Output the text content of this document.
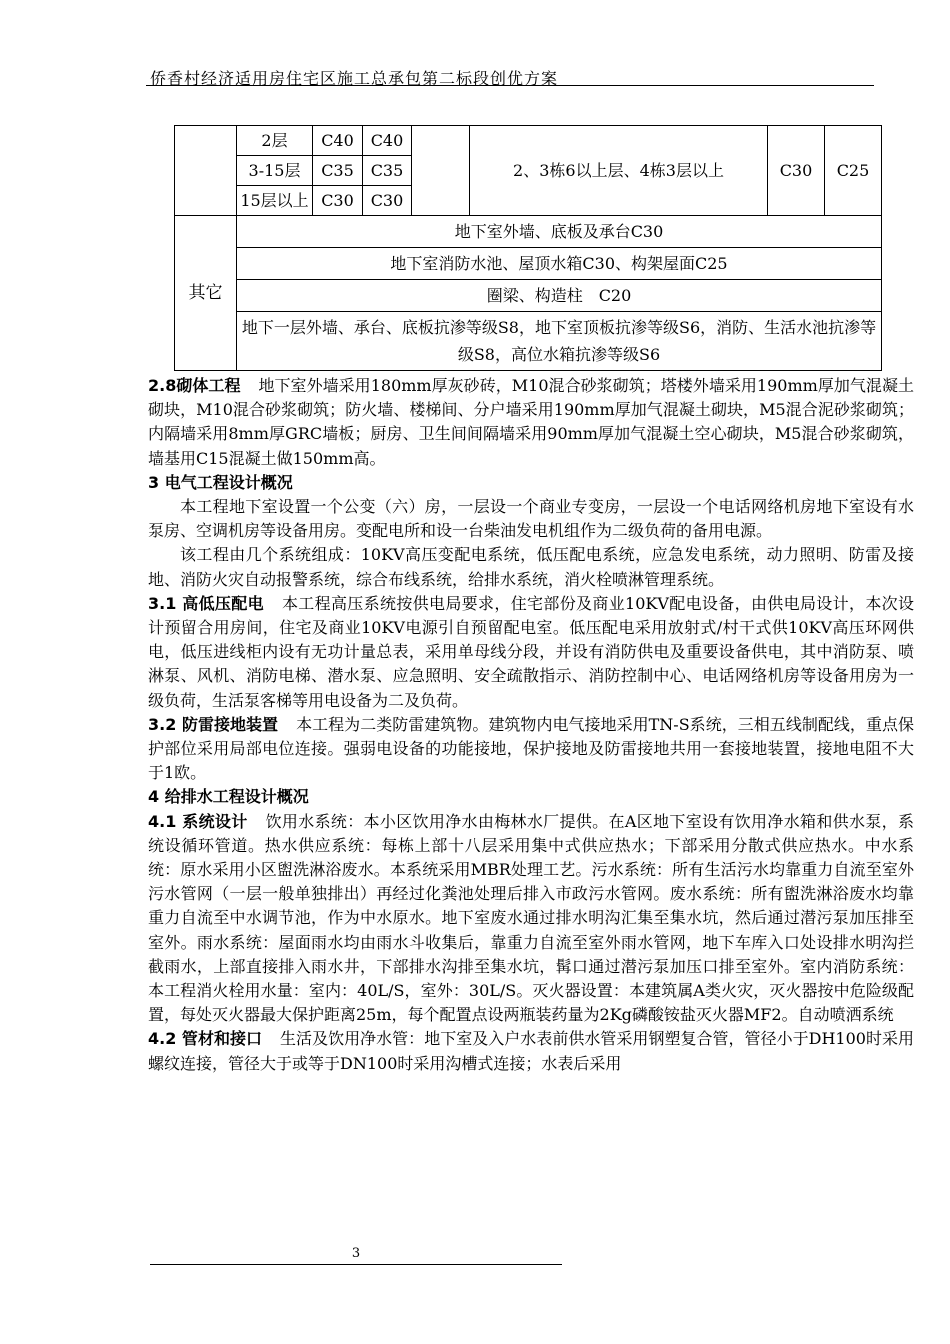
侨香村经济适用房住宅区施工总承包第二标段创优方案
	2层	C40	C40		2、3栋6以上层、4栋3层以上	C30	C25
	3-15层	C35	C35				
	15层以上	C30	C30				
其它	地下室外墙、底板及承台C30						
	地下室消防水池、屋顶水箱C30、构架屋面C25						
	圈梁、构造柱　C20						
	地下一层外墙、承台、底板抗渗等级S8，地下室顶板抗渗等级S6，消防、生活水池抗渗等级S8，高位水箱抗渗等级S6						

2.8砌体工程 地下室外墙采用180mm厚灰砂砖，M10混合砂浆砌筑；塔楼外墙采用190mm厚加气混凝土砌块，M10混合砂浆砌筑；防火墙、楼梯间、分户墙采用190mm厚加气混凝土砌块，M5混合泥砂浆砌筑；内隔墙采用8mm厚GRC墙板；厨房、卫生间间隔墙采用90mm厚加气混凝土空心砌块，M5混合砂浆砌筑，墙基用C15混凝土做150mm高。

3 电气工程设计概况

本工程地下室设置一个公变（六）房，一层设一个商业专变房，一层设一个电话网络机房地下室设有水泵房、空调机房等设备用房。变配电所和设一台柴油发电机组作为二级负荷的备用电源。

该工程由几个系统组成：10KV高压变配电系统，低压配电系统，应急发电系统，动力照明、防雷及接地、消防火灾自动报警系统，综合布线系统，给排水系统，消火栓喷淋管理系统。

3.1 高低压配电 本工程高压系统按供电局要求，住宅部份及商业10KV配电设备，由供电局设计，本次设计预留合用房间，住宅及商业10KV电源引自预留配电室。低压配电采用放射式/村干式供10KV高压环网供电，低压进线柜内设有无功计量总表，采用单母线分段，并设有消防供电及重要设备供电，其中消防泵、喷淋泵、风机、消防电梯、潜水泵、应急照明、安全疏散指示、消防控制中心、电话网络机房等设备用房为一级负荷，生活泵客梯等用电设备为二及负荷。

3.2 防雷接地装置 本工程为二类防雷建筑物。建筑物内电气接地采用TN-S系统，三相五线制配线，重点保护部位采用局部电位连接。强弱电设备的功能接地，保护接地及防雷接地共用一套接地装置，接地电阻不大于1欧。

4 给排水工程设计概况

4.1 系统设计 饮用水系统：本小区饮用净水由梅林水厂提供。在A区地下室设有饮用净水箱和供水泵，系统设循环管道。热水供应系统：每栋上部十八层采用集中式供应热水；下部采用分散式供应热水。中水系统：原水采用小区盥洗淋浴废水。本系统采用MBR处理工艺。污水系统：所有生活污水均靠重力自流至室外污水管网（一层一般单独排出）再经过化粪池处理后排入市政污水管网。废水系统：所有盥洗淋浴废水均靠重力自流至中水调节池，作为中水原水。地下室废水通过排水明沟汇集至集水坑，然后通过潜污泵加压排至室外。雨水系统：屋面雨水均由雨水斗收集后，靠重力自流至室外雨水管网，地下车库入口处设排水明沟拦截雨水，上部直接排入雨水井，下部排水沟排至集水坑，髯口通过潜污泵加压口排至室外。室内消防系统：本工程消火栓用水量：室内：40L/S，室外：30L/S。灭火器设置：本建筑属A类火灾，灭火器按中危险级配置，每处灭火器最大保护距离25m，每个配置点设两瓶装药量为2Kg磷酸铵盐灭火器MF2。自动喷洒系统

4.2 管材和接口 生活及饮用净水管：地下室及入户水表前供水管采用钢塑复合管，管径小于DH100时采用螺纹连接，管径大于或等于DN100时采用沟槽式连接；水表后采用

3
